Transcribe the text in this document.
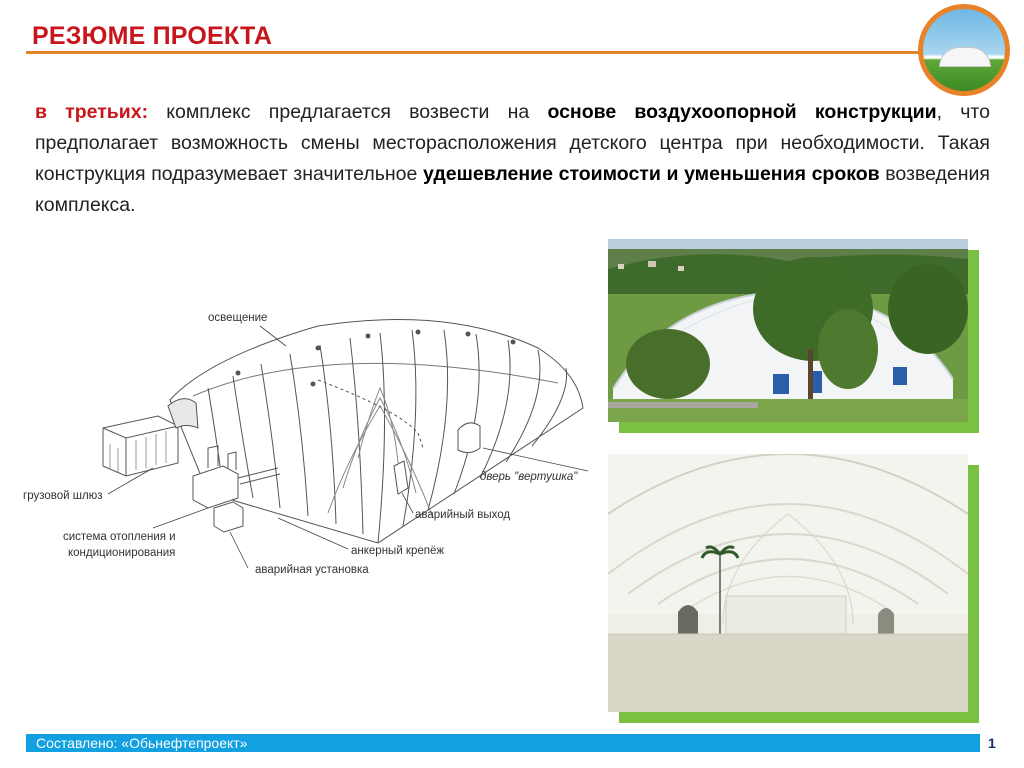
РЕЗЮМЕ ПРОЕКТА
в третьих: комплекс предлагается возвести на основе воздухоопорной конструкции, что предполагает возможность смены месторасположения детского центра при необходимости. Такая конструкция подразумевает значительное удешевление стоимости и уменьшения сроков возведения комплекса.
освещение
грузовой шлюз
система отопления и
кондиционирования
аварийная установка
анкерный крепёж
аварийный выход
дверь "вертушка"
Составлено: «Обьнефтепроект»	1
